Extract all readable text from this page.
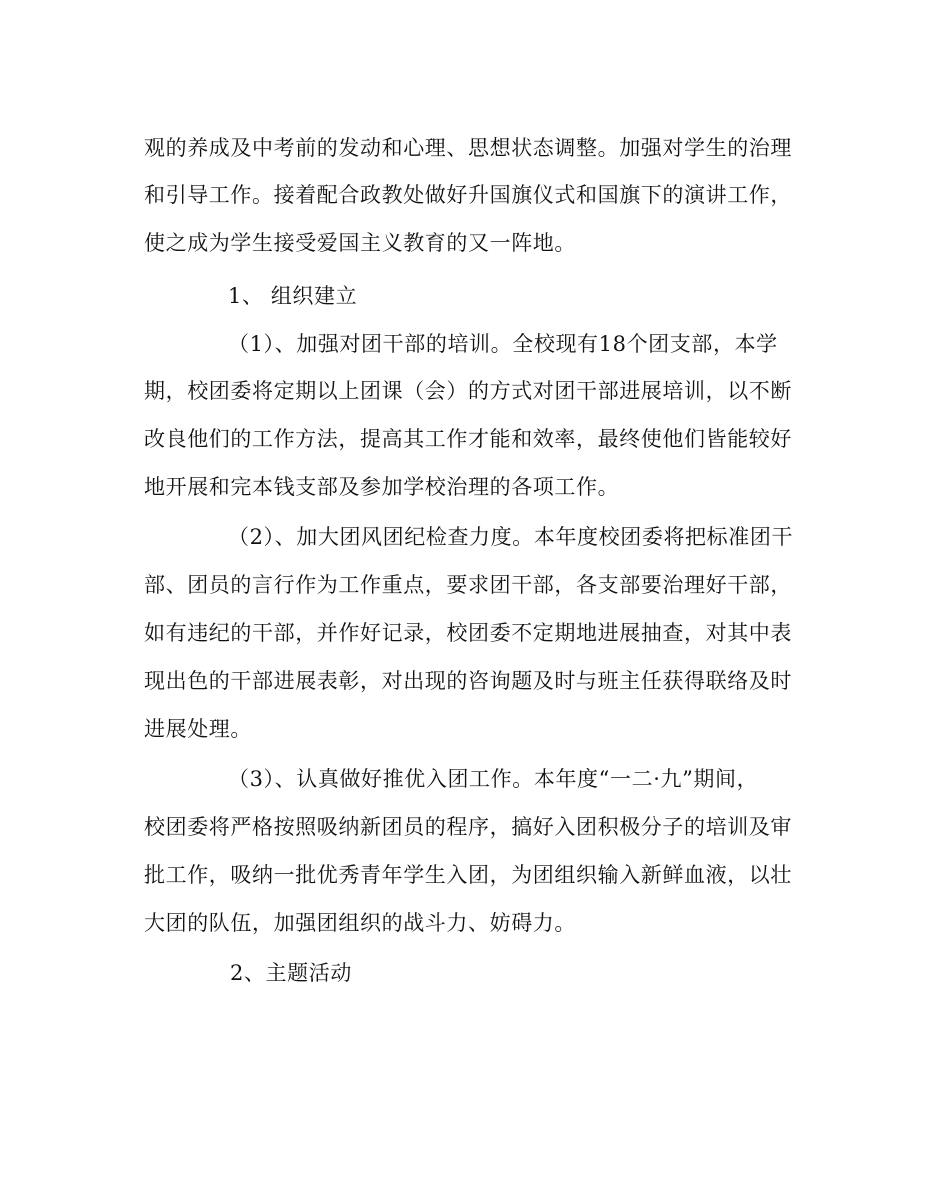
观的养成及中考前的发动和心理、思想状态调整。加强对学生的治理
和引导工作。接着配合政教处做好升国旗仪式和国旗下的演讲工作，
使之成为学生接受爱国主义教育的又一阵地。
1、 组织建立
（1）、加强对团干部的培训。全校现有18个团支部，本学
期，校团委将定期以上团课（会）的方式对团干部进展培训，以不断
改良他们的工作方法，提高其工作才能和效率，最终使他们皆能较好
地开展和完本钱支部及参加学校治理的各项工作。
（2）、加大团风团纪检查力度。本年度校团委将把标准团干
部、团员的言行作为工作重点，要求团干部，各支部要治理好干部，
如有违纪的干部，并作好记录，校团委不定期地进展抽查，对其中表
现出色的干部进展表彰，对出现的咨询题及时与班主任获得联络及时
进展处理。
（3）、认真做好推优入团工作。本年度“一二·九”期间，
校团委将严格按照吸纳新团员的程序，搞好入团积极分子的培训及审
批工作，吸纳一批优秀青年学生入团，为团组织输入新鲜血液，以壮
大团的队伍，加强团组织的战斗力、妨碍力。
2、主题活动
